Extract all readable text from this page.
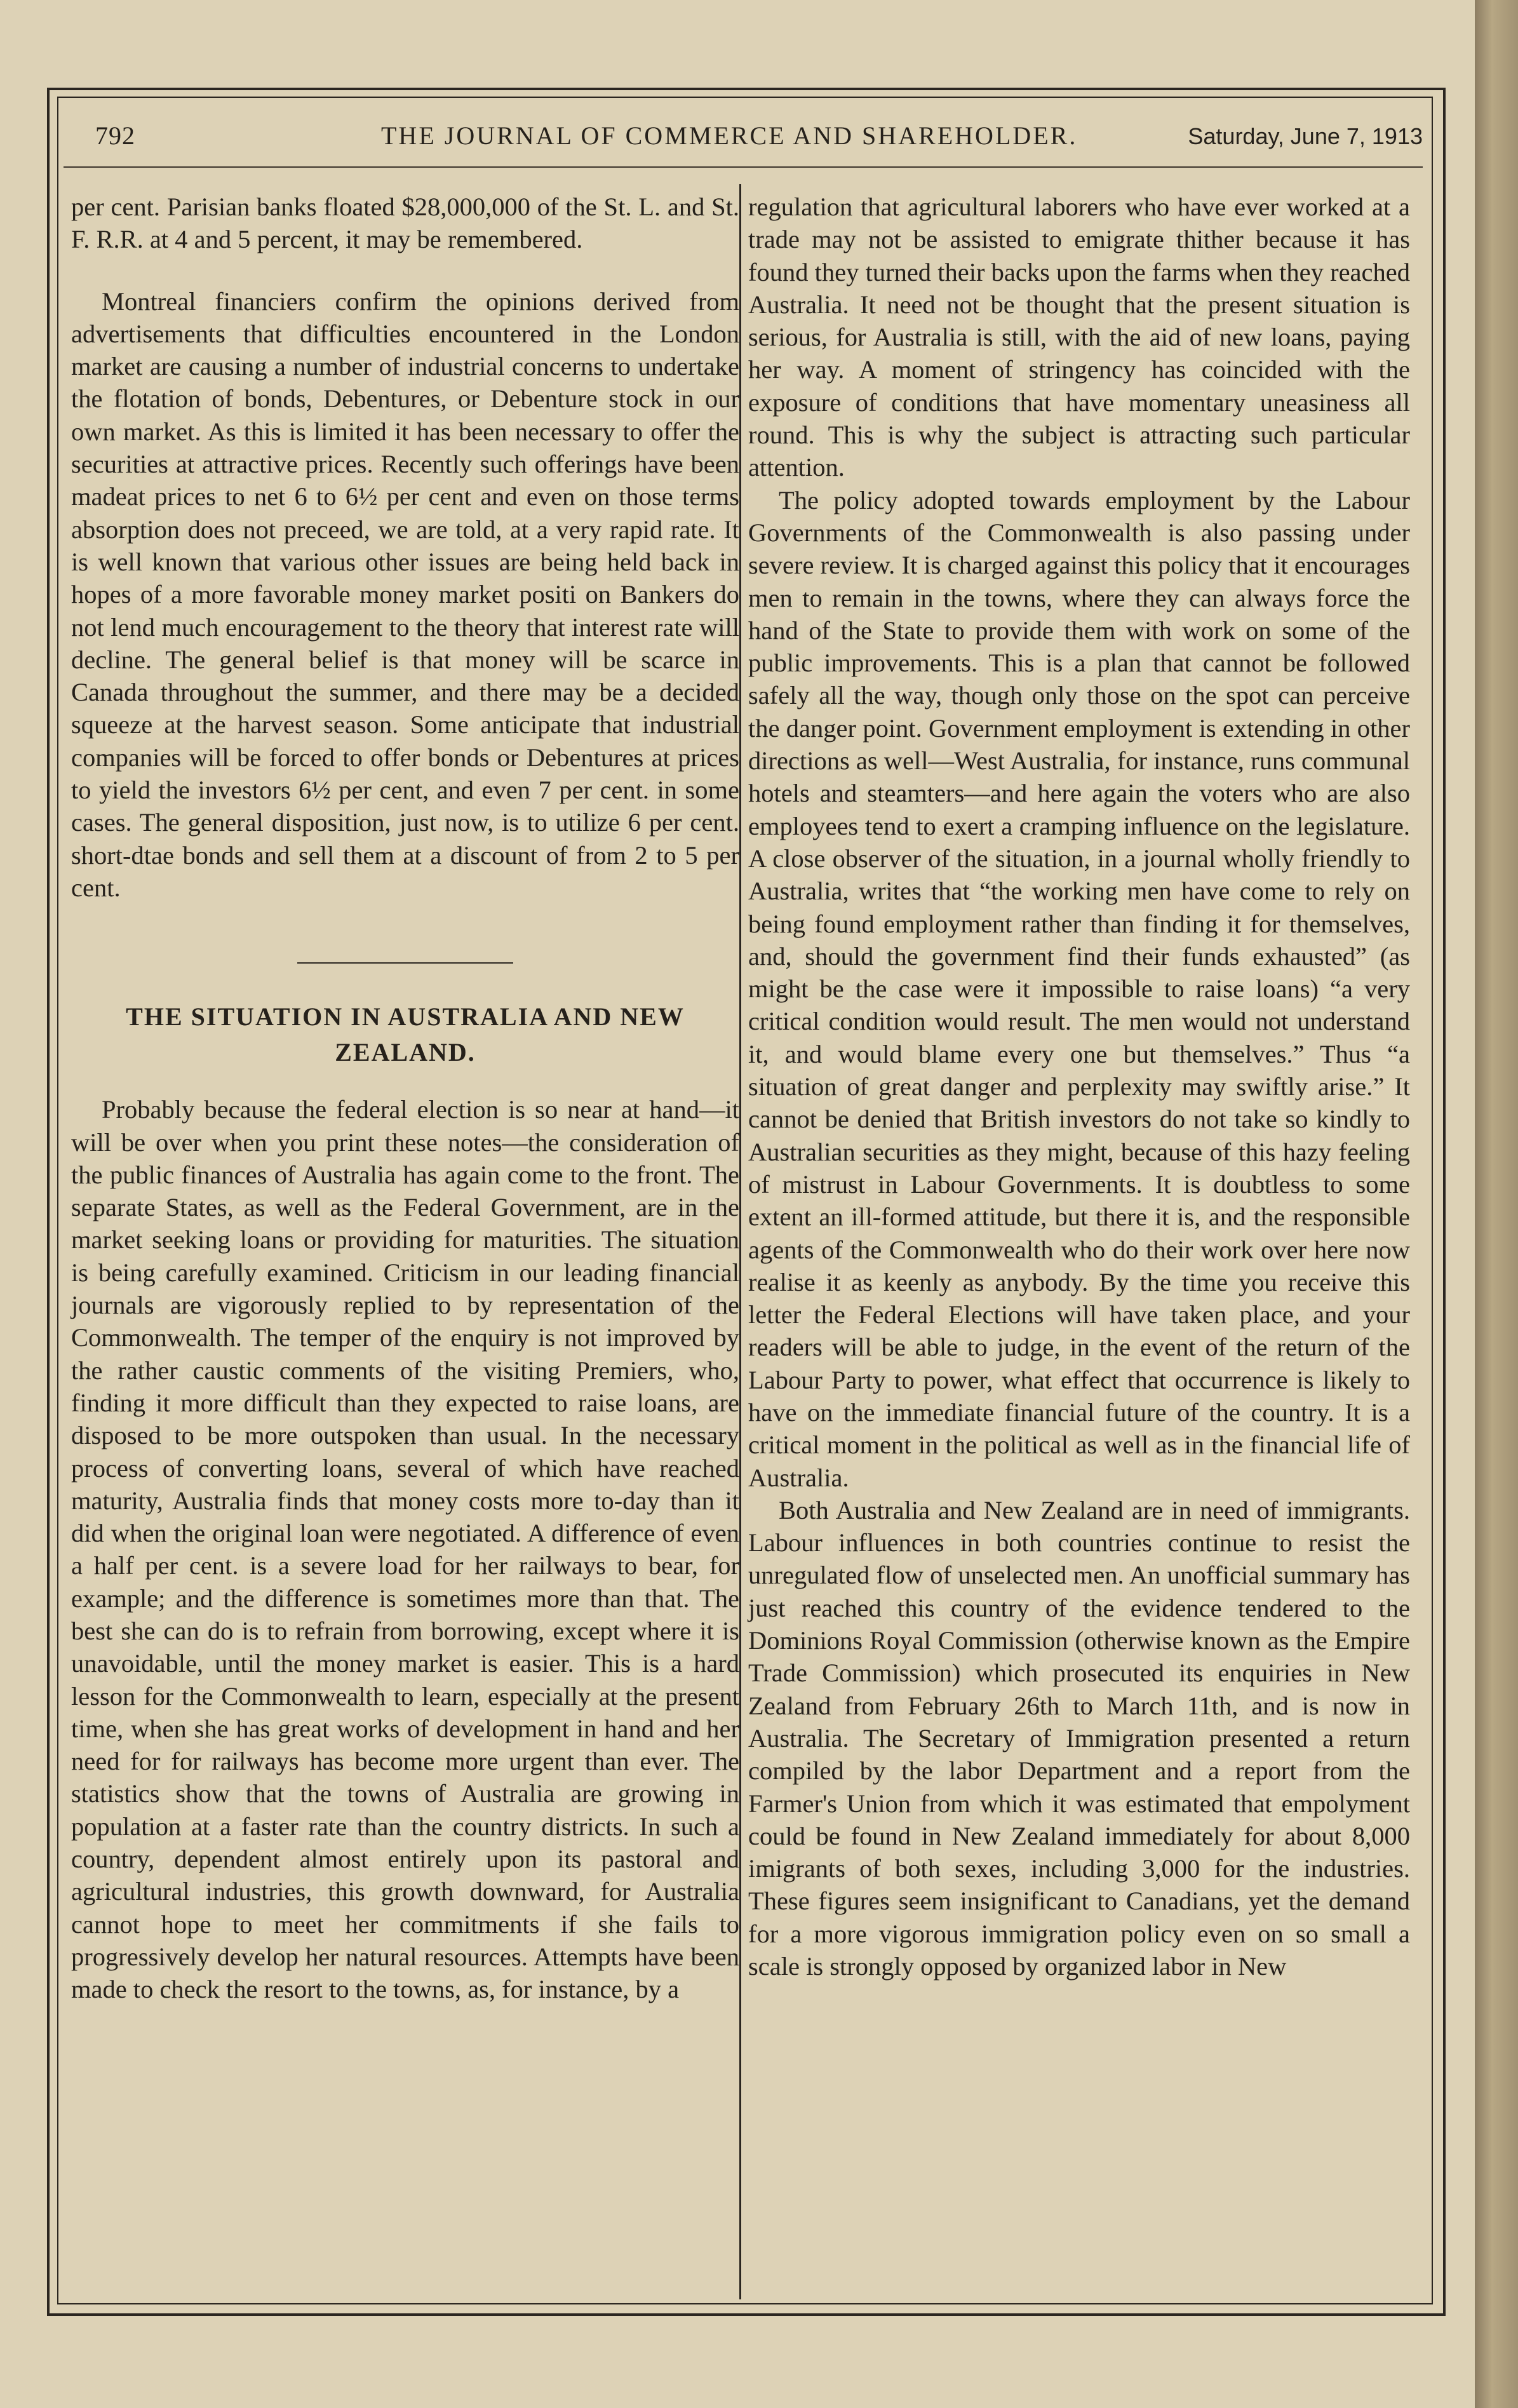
792	THE JOURNAL OF COMMERCE AND SHAREHOLDER.	Saturday, June 7, 1913

per cent. Parisian banks floated $28,000,000 of the St. L. and St. F. R.R. at 4 and 5 percent, it may be remembered.

Montreal financiers confirm the opinions derived from advertisements that difficulties encountered in the London market are causing a number of industrial concerns to undertake the flotation of bonds, Debentures, or Debenture stock in our own market. As this is limited it has been necessary to offer the securities at attractive prices. Recently such offerings have been madeat prices to net 6 to 6½ per cent and even on those terms absorption does not preceed, we are told, at a very rapid rate. It is well known that various other issues are being held back in hopes of a more favorable money market positi on Bankers do not lend much encouragement to the theory that interest rate will decline. The general belief is that money will be scarce in Canada throughout the summer, and there may be a decided squeeze at the harvest season. Some anticipate that industrial companies will be forced to offer bonds or Debentures at prices to yield the investors 6½ per cent, and even 7 per cent. in some cases. The general disposition, just now, is to utilize 6 per cent. short-dtae bonds and sell them at a discount of from 2 to 5 per cent.

THE SITUATION IN AUSTRALIA AND NEW ZEALAND.

Probably because the federal election is so near at hand—it will be over when you print these notes—the consideration of the public finances of Australia has again come to the front. The separate States, as well as the Federal Government, are in the market seeking loans or providing for maturities. The situation is being carefully examined. Criticism in our leading financial journals are vigorously replied to by representation of the Commonwealth. The temper of the enquiry is not improved by the rather caustic comments of the visiting Premiers, who, finding it more difficult than they expected to raise loans, are disposed to be more outspoken than usual. In the necessary process of converting loans, several of which have reached maturity, Australia finds that money costs more to-day than it did when the original loan were negotiated. A difference of even a half per cent. is a severe load for her railways to bear, for example; and the difference is sometimes more than that. The best she can do is to refrain from borrowing, except where it is unavoidable, until the money market is easier. This is a hard lesson for the Commonwealth to learn, especially at the present time, when she has great works of development in hand and her need for for railways has become more urgent than ever. The statistics show that the towns of Australia are growing in population at a faster rate than the country districts. In such a country, dependent almost entirely upon its pastoral and agricultural industries, this growth downward, for Australia cannot hope to meet her commitments if she fails to progressively develop her natural resources. Attempts have been made to check the resort to the towns, as, for instance, by a

regulation that agricultural laborers who have ever worked at a trade may not be assisted to emigrate thither because it has found they turned their backs upon the farms when they reached Australia. It need not be thought that the present situation is serious, for Australia is still, with the aid of new loans, paying her way. A moment of stringency has coincided with the exposure of conditions that have momentary uneasiness all round. This is why the subject is attracting such particular attention.

The policy adopted towards employment by the Labour Governments of the Commonwealth is also passing under severe review. It is charged against this policy that it encourages men to remain in the towns, where they can always force the hand of the State to provide them with work on some of the public improvements. This is a plan that cannot be followed safely all the way, though only those on the spot can perceive the danger point. Government employment is extending in other directions as well—West Australia, for instance, runs communal hotels and steamters—and here again the voters who are also employees tend to exert a cramping influence on the legislature. A close observer of the situation, in a journal wholly friendly to Australia, writes that “the working men have come to rely on being found employment rather than finding it for themselves, and, should the government find their funds exhausted” (as might be the case were it impossible to raise loans) “a very critical condition would result. The men would not understand it, and would blame every one but themselves.” Thus “a situation of great danger and perplexity may swiftly arise.” It cannot be denied that British investors do not take so kindly to Australian securities as they might, because of this hazy feeling of mistrust in Labour Governments. It is doubtless to some extent an ill-formed attitude, but there it is, and the responsible agents of the Commonwealth who do their work over here now realise it as keenly as anybody. By the time you receive this letter the Federal Elections will have taken place, and your readers will be able to judge, in the event of the return of the Labour Party to power, what effect that occurrence is likely to have on the immediate financial future of the country. It is a critical moment in the political as well as in the financial life of Australia.

Both Australia and New Zealand are in need of immigrants. Labour influences in both countries continue to resist the unregulated flow of unselected men. An unofficial summary has just reached this country of the evidence tendered to the Dominions Royal Commission (otherwise known as the Empire Trade Commission) which prosecuted its enquiries in New Zealand from February 26th to March 11th, and is now in Australia. The Secretary of Immigration presented a return compiled by the labor Department and a report from the Farmer's Union from which it was estimated that empolyment could be found in New Zealand immediately for about 8,000 imigrants of both sexes, including 3,000 for the industries. These figures seem insignificant to Canadians, yet the demand for a more vigorous immigration policy even on so small a scale is strongly opposed by organized labor in New
